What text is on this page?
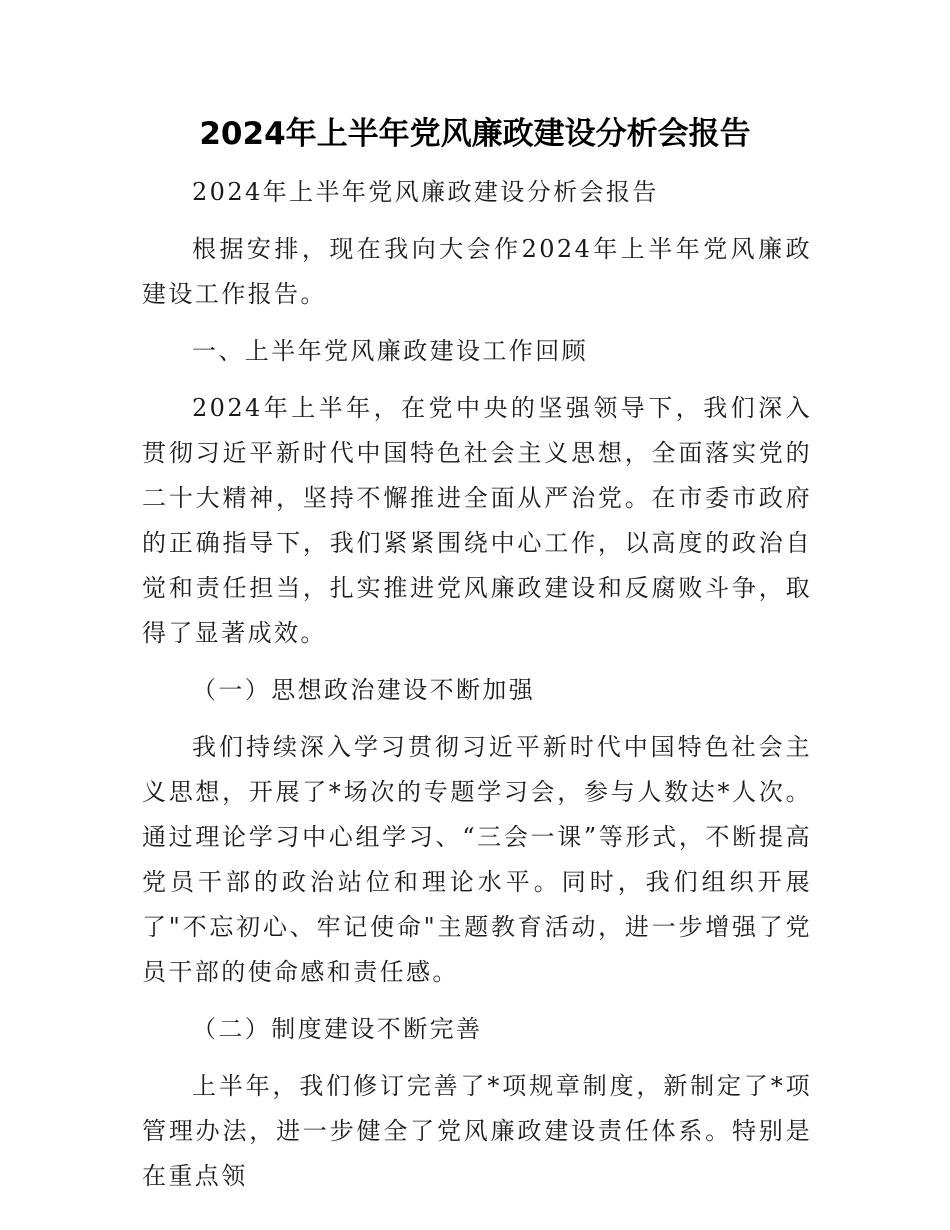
2024年上半年党风廉政建设分析会报告

2024年上半年党风廉政建设分析会报告

根据安排，现在我向大会作2024年上半年党风廉政建设工作报告。

一、上半年党风廉政建设工作回顾

2024年上半年，在党中央的坚强领导下，我们深入贯彻习近平新时代中国特色社会主义思想，全面落实党的二十大精神，坚持不懈推进全面从严治党。在市委市政府的正确指导下，我们紧紧围绕中心工作，以高度的政治自觉和责任担当，扎实推进党风廉政建设和反腐败斗争，取得了显著成效。

（一）思想政治建设不断加强

我们持续深入学习贯彻习近平新时代中国特色社会主义思想，开展了*场次的专题学习会，参与人数达*人次。通过理论学习中心组学习、“三会一课”等形式，不断提高党员干部的政治站位和理论水平。同时，我们组织开展了"不忘初心、牢记使命"主题教育活动，进一步增强了党员干部的使命感和责任感。

（二）制度建设不断完善

上半年，我们修订完善了*项规章制度，新制定了*项管理办法，进一步健全了党风廉政建设责任体系。特别是在重点领
